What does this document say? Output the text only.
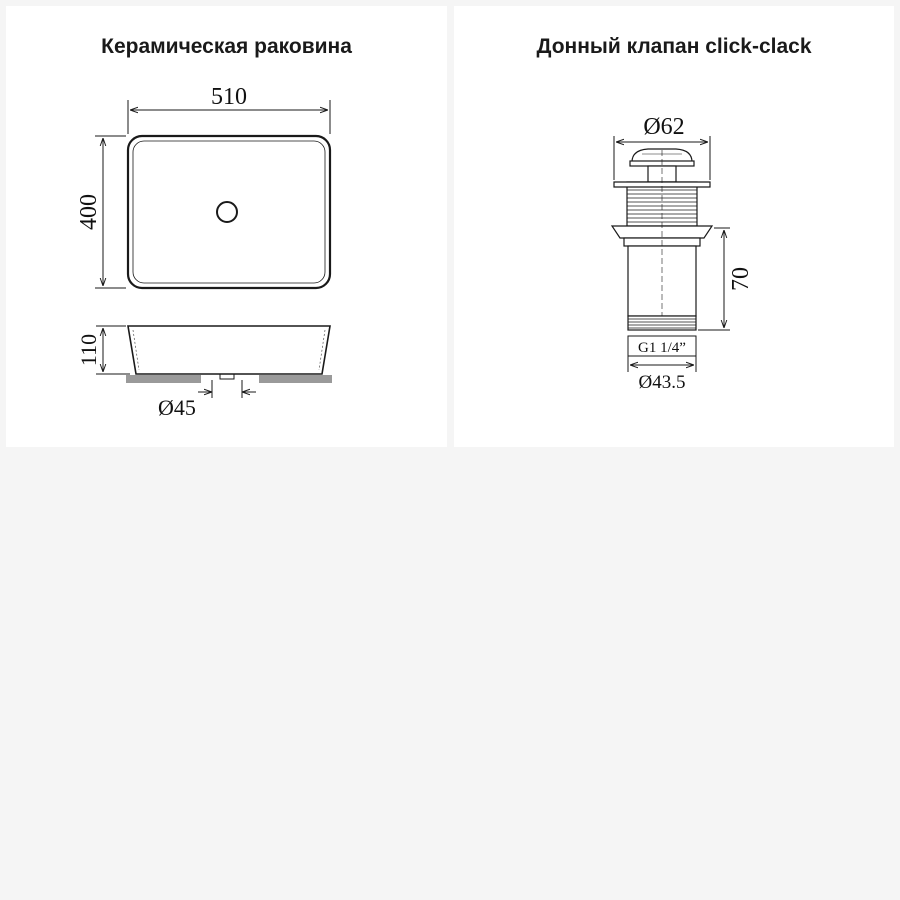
Керамическая раковина	Донный клапан click-clack
510
400
110
Ø45
Ø62
70
G1 1/4”
Ø43.5
